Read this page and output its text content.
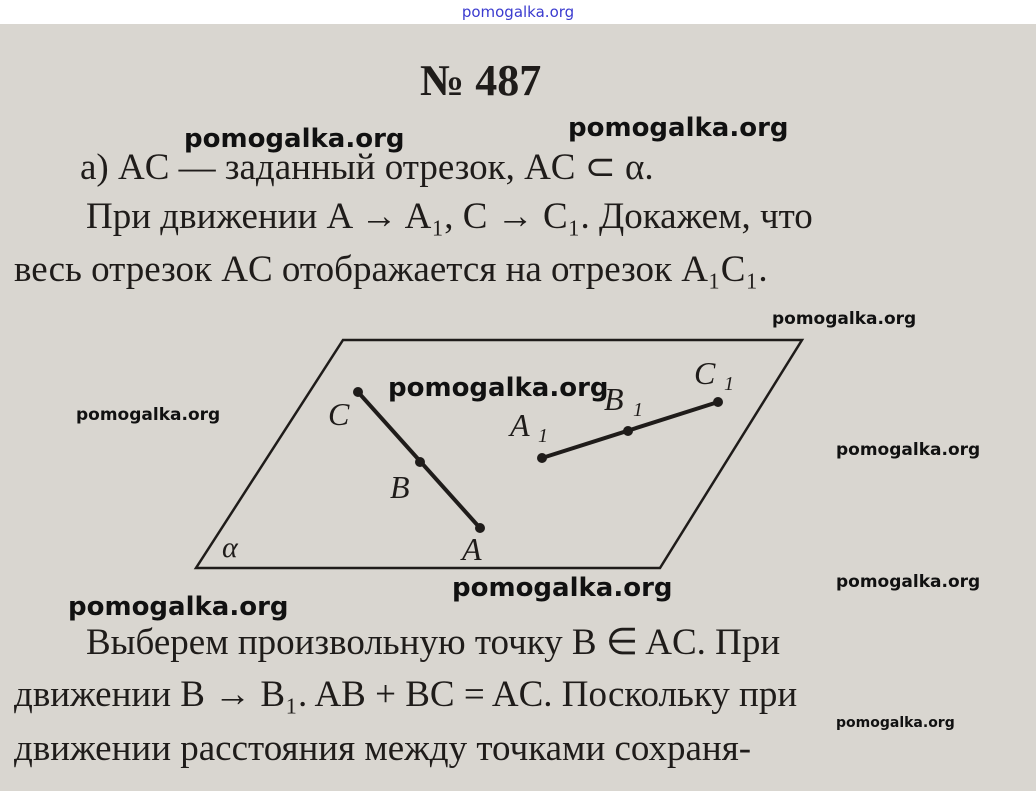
pomogalka.org
№ 487
а) AC — заданный отрезок, AC ⊂ α.
При движении A → A₁, C → C₁. Докажем, что
весь отрезок AC отображается на отрезок A₁C₁.
α
C
B
A
A 1
B 1
C 1
Выберем произвольную точку B ∈ AC. При
движении B → B₁. AB + BC = AC. Поскольку при
движении расстояния между точками сохраня-
pomogalka.org	pomogalka.org
pomogalka.org
pomogalka.org
pomogalka.org
pomogalka.org
pomogalka.org	pomogalka.org
pomogalka.org
pomogalka.org
